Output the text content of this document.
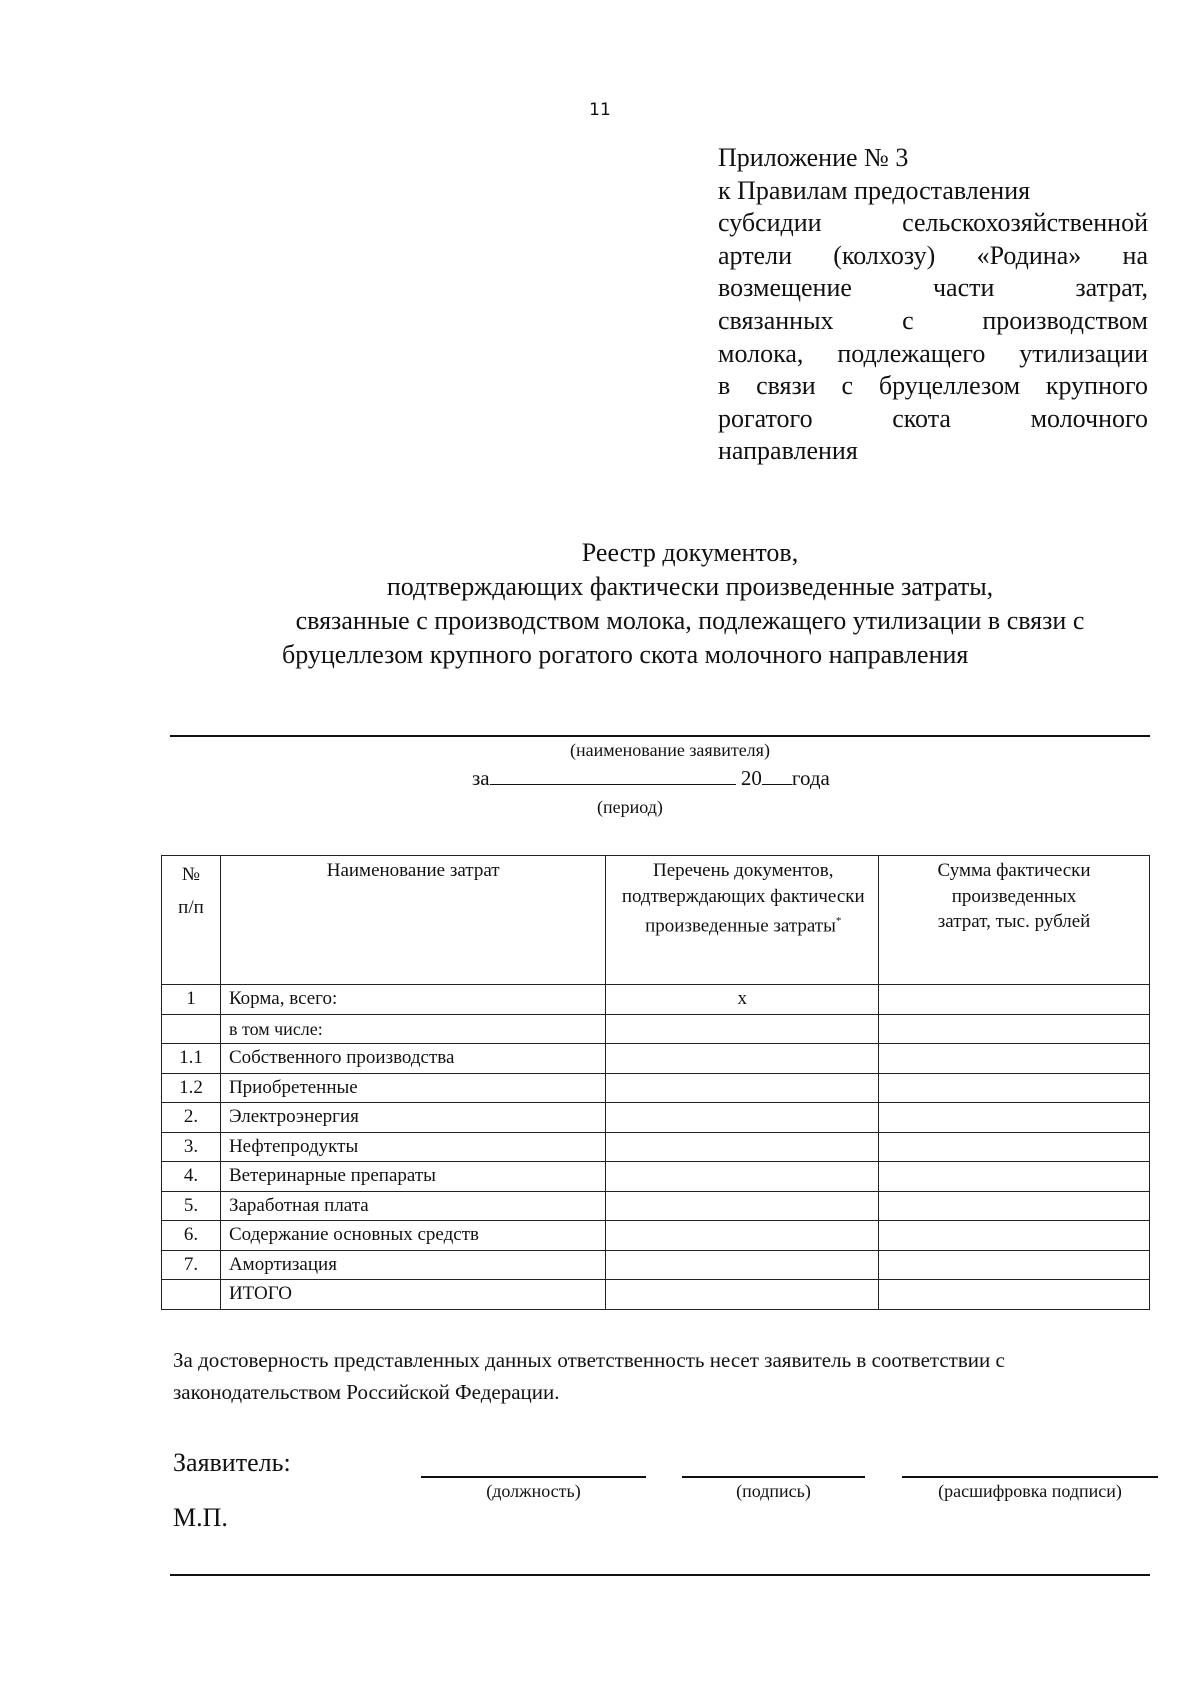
11
Приложение № 3
к Правилам предоставления
субсидии сельскохозяйственной
артели (колхозу) «Родина» на
возмещение части затрат,
связанных с производством
молока, подлежащего утилизации
в связи с бруцеллезом крупного
рогатого скота молочного
направления
Реестр документов,
подтверждающих фактически произведенные затраты,
связанные с производством молока, подлежащего утилизации в связи с
бруцеллезом крупного рогатого скота молочного направления
(наименование заявителя)
за	20 года
(период)
№ п/п	Наименование затрат	Перечень документов, подтверждающих фактически произведенные затраты*	Сумма фактически произведенных затрат, тыс. рублей
1	Корма, всего:	x	
	в том числе:		
1.1	Собственного производства		
1.2	Приобретенные		
2.	Электроэнергия		
3.	Нефтепродукты		
4.	Ветеринарные препараты		
5.	Заработная плата		
6.	Содержание основных средств		
7.	Амортизация		
	ИТОГО		
За достоверность представленных данных ответственность несет заявитель в соответствии с законодательством Российской Федерации.
Заявитель:
(должность)	(подпись)	(расшифровка подписи)
М.П.
